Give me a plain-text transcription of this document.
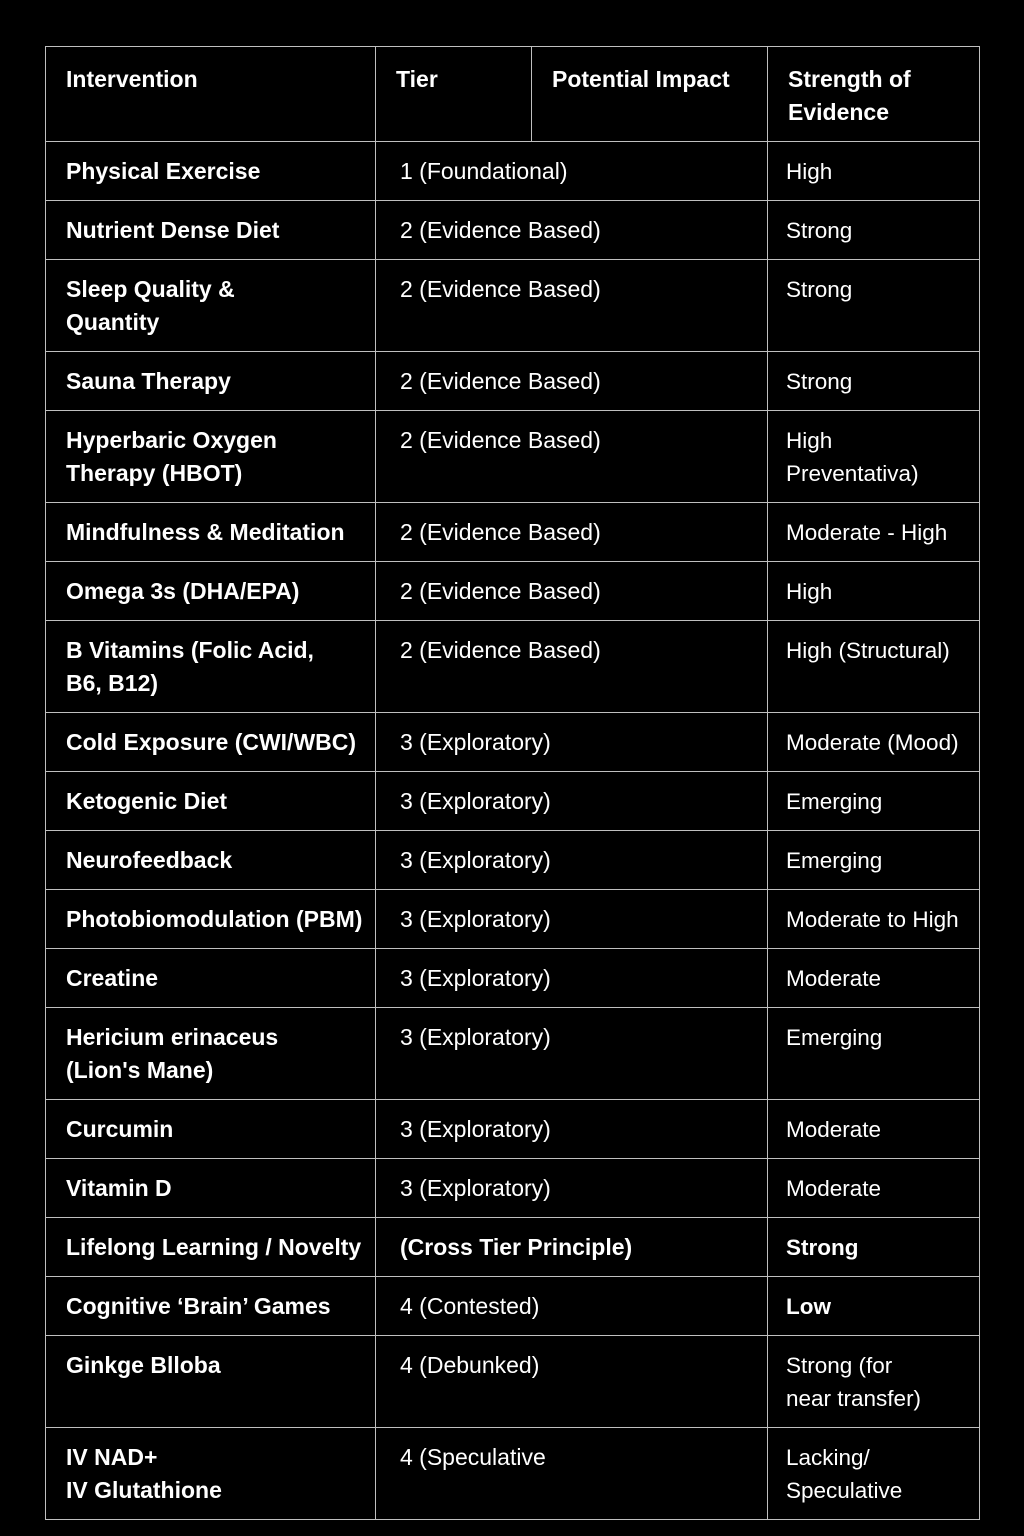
Intervention	Tier	Potential Impact	Strength of
Evidence
Physical Exercise	1 (Foundational)		High
Nutrient Dense Diet	2 (Evidence Based)		Strong
Sleep Quality &
Quantity	2 (Evidence Based)		Strong
Sauna Therapy	2 (Evidence Based)		Strong
Hyperbaric Oxygen
Therapy (HBOT)	2 (Evidence Based)		High
Preventativa)
Mindfulness & Meditation	2 (Evidence Based)		Moderate - High
Omega 3s (DHA/EPA)	2 (Evidence Based)		High
B Vitamins (Folic Acid,
B6, B12)	2 (Evidence Based)		High (Structural)
Cold Exposure (CWI/WBC)	3 (Exploratory)		Moderate (Mood)
Ketogenic Diet	3 (Exploratory)		Emerging
Neurofeedback	3 (Exploratory)		Emerging
Photobiomodulation (PBM)	3 (Exploratory)		Moderate to High
Creatine	3 (Exploratory)		Moderate
Hericium erinaceus
(Lion's Mane)	3 (Exploratory)		Emerging
Curcumin	3 (Exploratory)		Moderate
Vitamin D	3 (Exploratory)		Moderate
Lifelong Learning / Novelty	(Cross Tier Principle)		Strong
Cognitive ‘Brain’ Games	4 (Contested)		Low
Ginkge Blloba	4 (Debunked)		Strong (for
near transfer)
IV NAD+
IV Glutathione	4 (Speculative		Lacking/
Speculative
